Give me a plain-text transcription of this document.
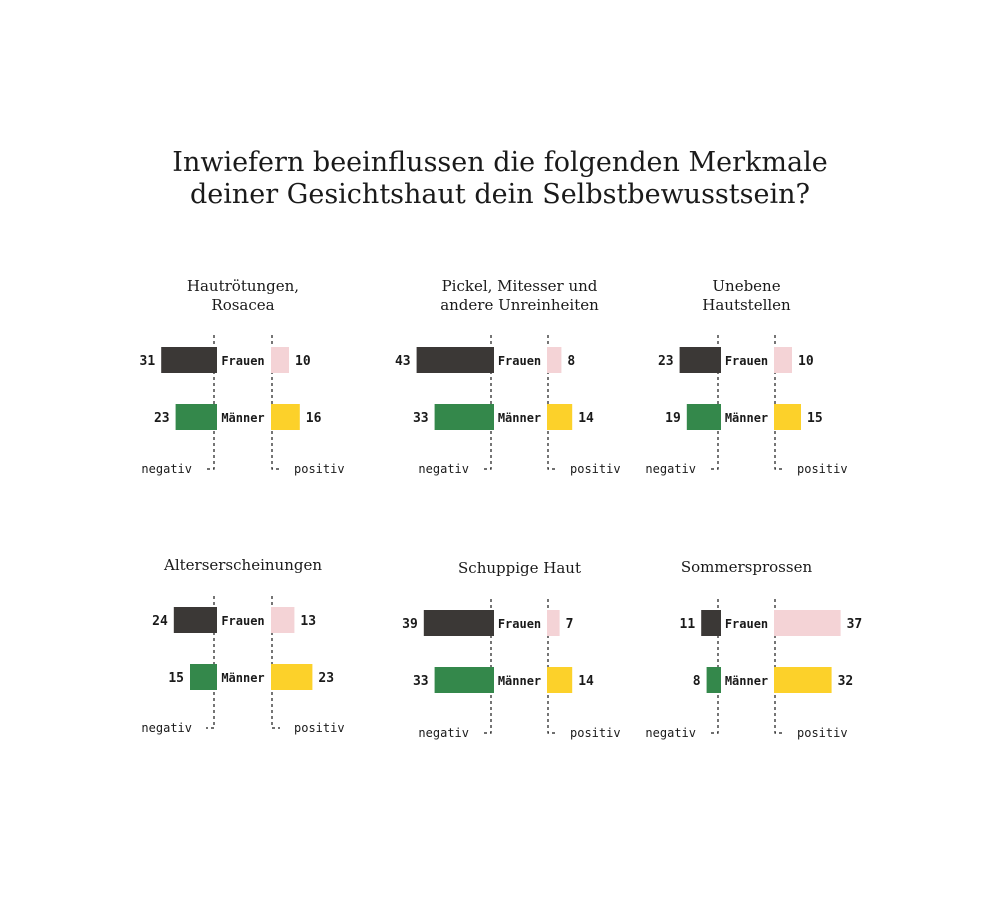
Inwiefern beeinflussen die folgenden Merkmale
deiner Gesichtshaut dein Selbstbewusstsein?
Hautrötungen,
Rosacea
31	10
Frauen
23	16
Männer
negativ	positiv
Pickel, Mitesser und
andere Unreinheiten
43	8
Frauen
33	14
Männer
negativ	positiv
Unebene
Hautstellen
23	10
Frauen
19	15
Männer
negativ	positiv
Alterserscheinungen
24	13
Frauen
15	23
Männer
negativ	positiv
Schuppige Haut
39	7
Frauen
33	14
Männer
negativ	positiv
Sommersprossen
11	37
Frauen
8	32
Männer
negativ	positiv
